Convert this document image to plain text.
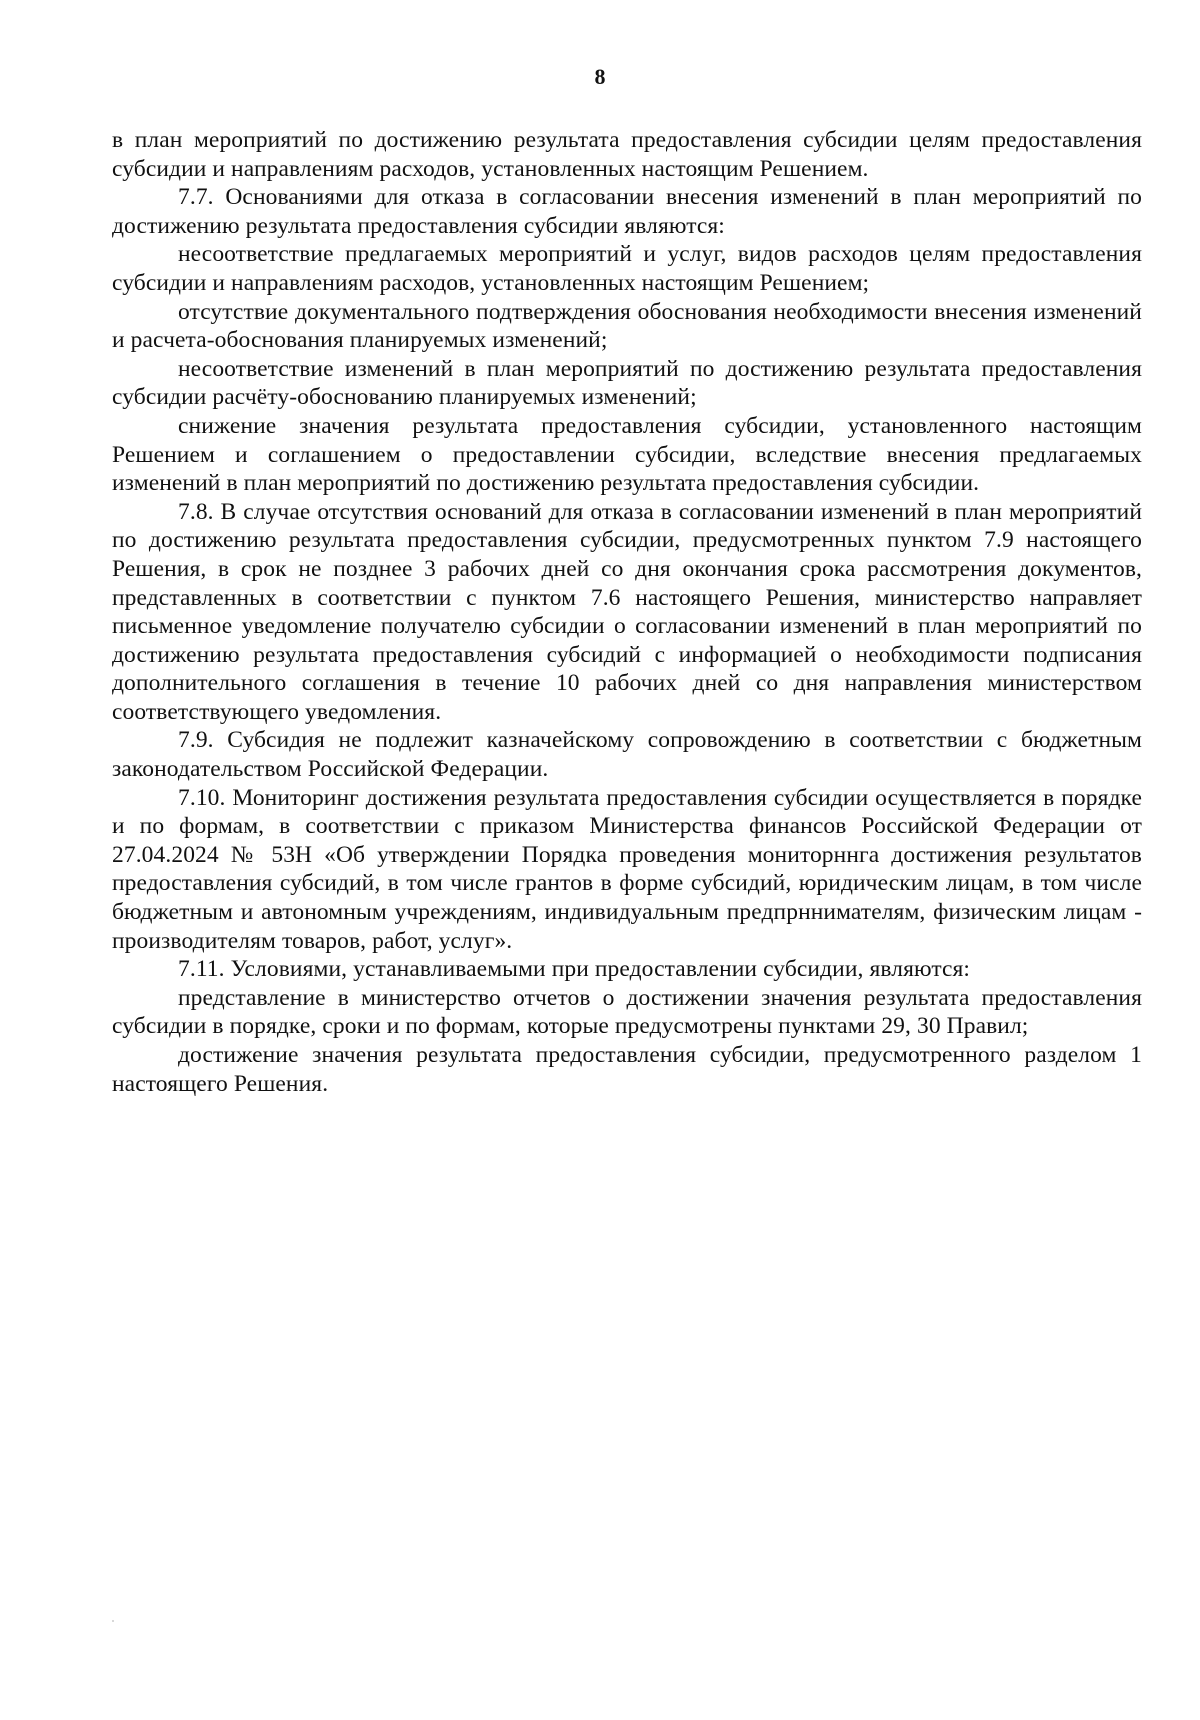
8

в план мероприятий по достижению результата предоставления субсидии целям предоставления субсидии и направлениям расходов, установленных настоящим Решением.

7.7. Основаниями для отказа в согласовании внесения изменений в план мероприятий по достижению результата предоставления субсидии являются:

несоответствие предлагаемых мероприятий и услуг, видов расходов целям предоставления субсидии и направлениям расходов, установленных настоящим Решением;

отсутствие документального подтверждения обоснования необходимости внесения изменений и расчета-обоснования планируемых изменений;

несоответствие изменений в план мероприятий по достижению результата предоставления субсидии расчёту-обоснованию планируемых изменений;

снижение значения результата предоставления субсидии, установленного настоящим Решением и соглашением о предоставлении субсидии, вследствие внесения предлагаемых изменений в план мероприятий по достижению результата предоставления субсидии.

7.8. В случае отсутствия оснований для отказа в согласовании изменений в план мероприятий по достижению результата предоставления субсидии, предусмотренных пунктом 7.9 настоящего Решения, в срок не позднее 3 рабочих дней со дня окончания срока рассмотрения документов, представленных в соответствии с пунктом 7.6 настоящего Решения, министерство направляет письменное уведомление получателю субсидии о согласовании изменений в план мероприятий по достижению результата предоставления субсидий с информацией о необходимости подписания дополнительного соглашения в течение 10 рабочих дней со дня направления министерством соответствующего уведомления.

7.9. Субсидия не подлежит казначейскому сопровождению в соответствии с бюджетным законодательством Российской Федерации.

7.10. Мониторинг достижения результата предоставления субсидии осуществляется в порядке и по формам, в соответствии с приказом Министерства финансов Российской Федерации от 27.04.2024 № 53Н «Об утверждении Порядка проведения мониторннга достижения результатов предоставления субсидий, в том числе грантов в форме субсидий, юридическим лицам, в том числе бюджетным и автономным учреждениям, индивидуальным предпрннимателям, физическим лицам - производителям товаров, работ, услуг».

7.11. Условиями, устанавливаемыми при предоставлении субсидии, являются:

представление в министерство отчетов о достижении значения результата предоставления субсидии в порядке, сроки и по формам, которые предусмотрены пунктами 29, 30 Правил;

достижение значения результата предоставления субсидии, предусмотренного разделом 1 настоящего Решения.
